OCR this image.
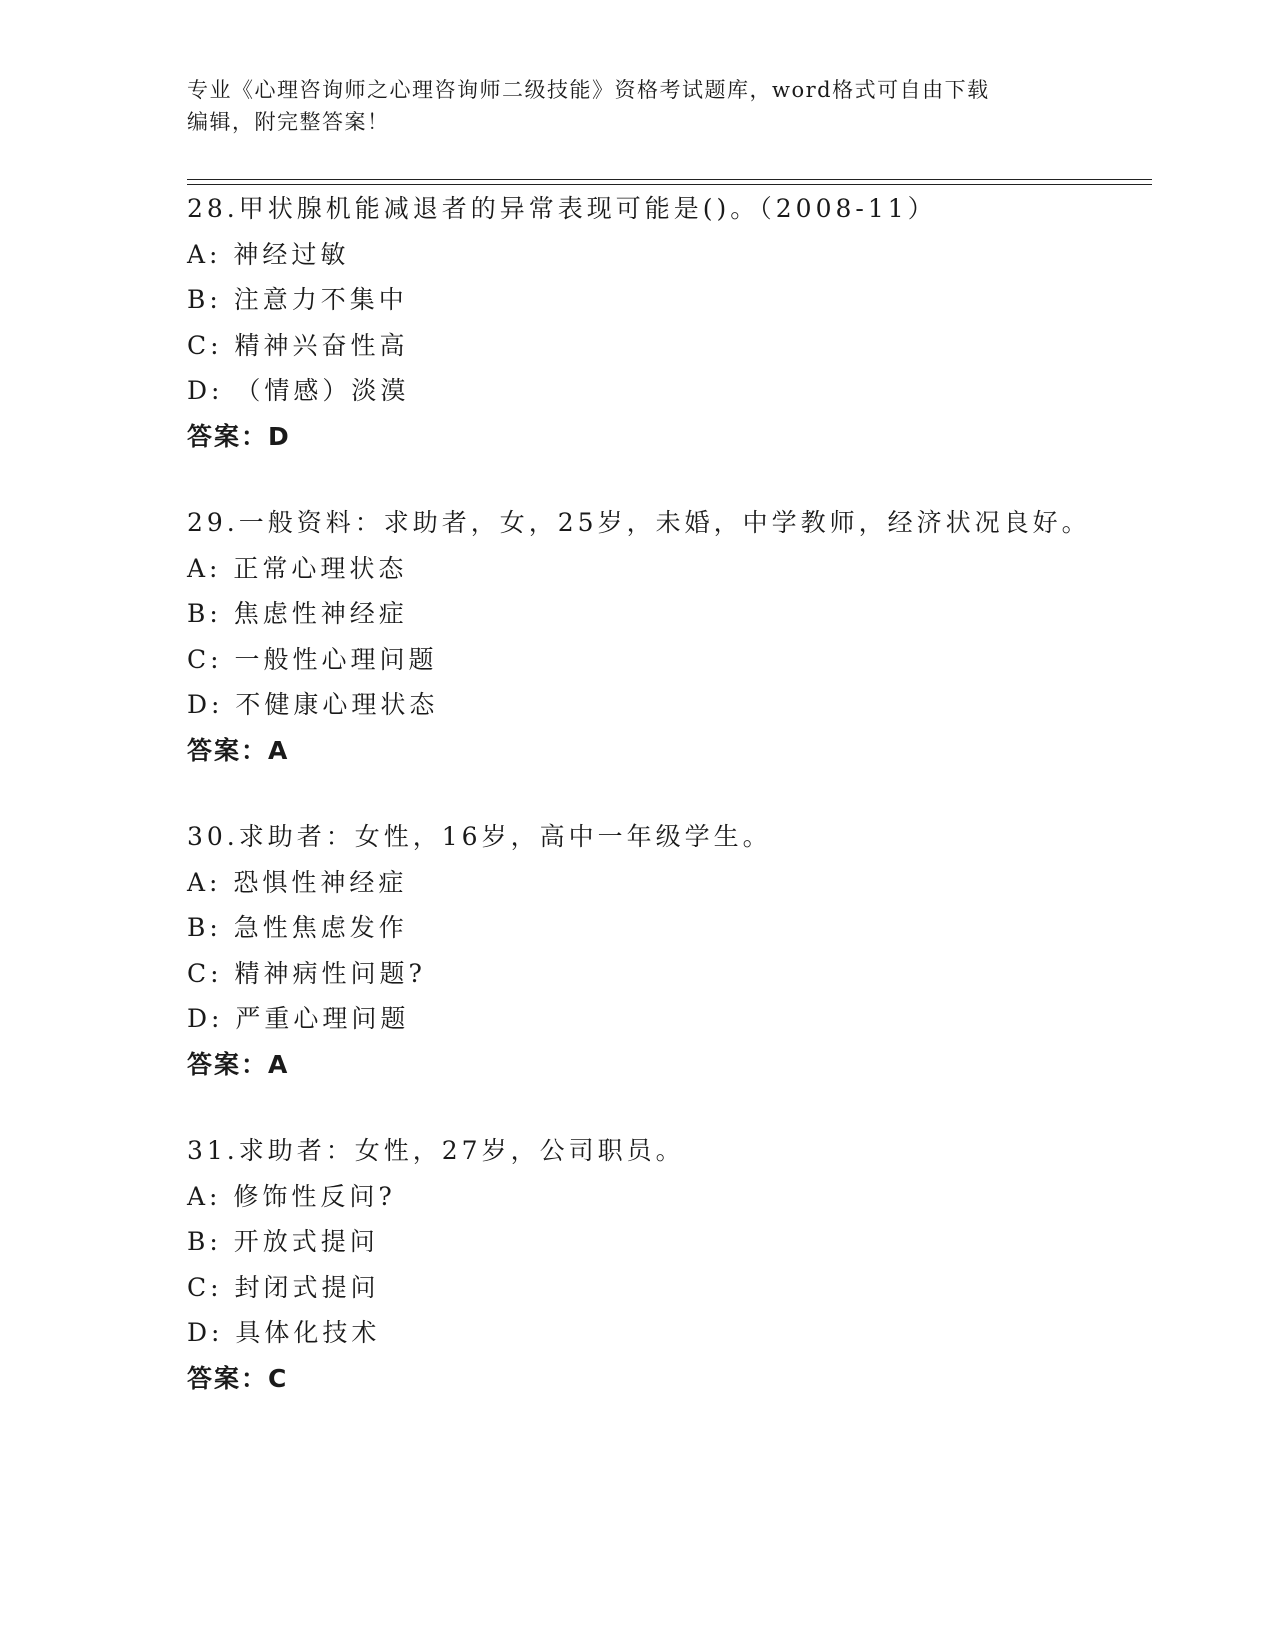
专业《心理咨询师之心理咨询师二级技能》资格考试题库，word格式可自由下载
编辑，附完整答案！
28.甲状腺机能减退者的异常表现可能是()。（2008-11）
A: 神经过敏
B: 注意力不集中
C: 精神兴奋性高
D: （情感）淡漠
答案：D
29.一般资料：求助者，女，25岁，未婚，中学教师，经济状况良好。
A: 正常心理状态
B: 焦虑性神经症
C: 一般性心理问题
D: 不健康心理状态
答案：A
30.求助者：女性，16岁，高中一年级学生。
A: 恐惧性神经症
B: 急性焦虑发作
C: 精神病性问题?
D: 严重心理问题
答案：A
31.求助者：女性，27岁，公司职员。
A: 修饰性反问?
B: 开放式提问
C: 封闭式提问
D: 具体化技术
答案：C
